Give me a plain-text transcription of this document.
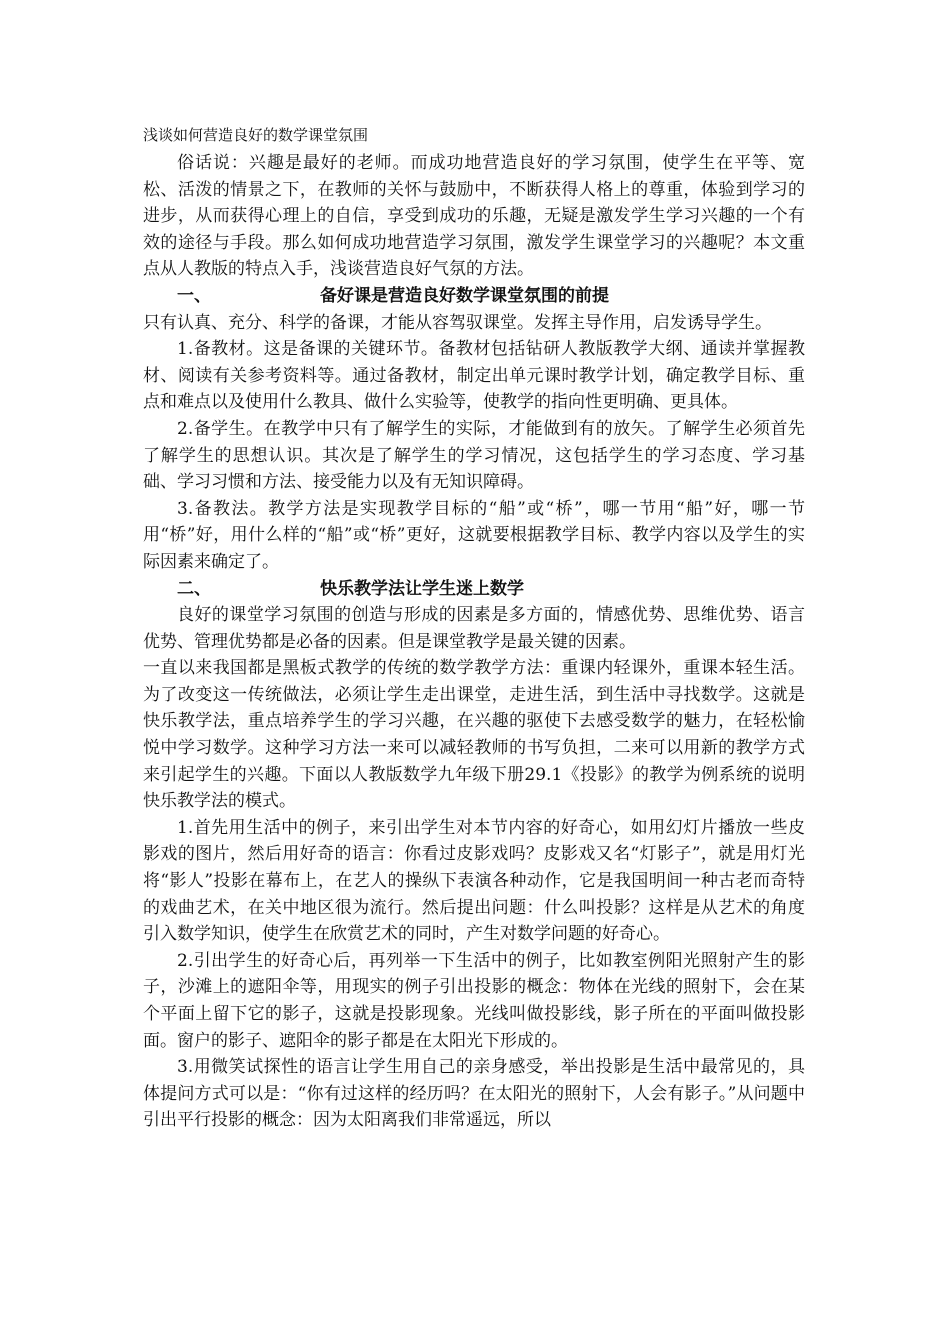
浅谈如何营造良好的数学课堂氛围

俗话说：兴趣是最好的老师。而成功地营造良好的学习氛围，使学生在平等、宽松、活泼的情景之下，在教师的关怀与鼓励中，不断获得人格上的尊重，体验到学习的进步，从而获得心理上的自信，享受到成功的乐趣，无疑是激发学生学习兴趣的一个有效的途径与手段。那么如何成功地营造学习氛围，激发学生课堂学习的兴趣呢？本文重点从人教版的特点入手，浅谈营造良好气氛的方法。

一、	备好课是营造良好数学课堂氛围的前提

只有认真、充分、科学的备课，才能从容驾驭课堂。发挥主导作用，启发诱导学生。

1.备教材。这是备课的关键环节。备教材包括钻研人教版教学大纲、通读并掌握教材、阅读有关参考资料等。通过备教材，制定出单元课时教学计划，确定教学目标、重点和难点以及使用什么教具、做什么实验等，使教学的指向性更明确、更具体。

2.备学生。在教学中只有了解学生的实际，才能做到有的放矢。了解学生必须首先了解学生的思想认识。其次是了解学生的学习情况，这包括学生的学习态度、学习基础、学习习惯和方法、接受能力以及有无知识障碍。

3.备教法。教学方法是实现教学目标的“船”或“桥”，哪一节用“船”好，哪一节用“桥”好，用什么样的“船”或“桥”更好，这就要根据教学目标、教学内容以及学生的实际因素来确定了。

二、	快乐教学法让学生迷上数学

良好的课堂学习氛围的创造与形成的因素是多方面的，情感优势、思维优势、语言优势、管理优势都是必备的因素。但是课堂教学是最关键的因素。

一直以来我国都是黑板式教学的传统的数学教学方法：重课内轻课外，重课本轻生活。为了改变这一传统做法，必须让学生走出课堂，走进生活，到生活中寻找数学。这就是快乐教学法，重点培养学生的学习兴趣，在兴趣的驱使下去感受数学的魅力，在轻松愉悦中学习数学。这种学习方法一来可以减轻教师的书写负担，二来可以用新的教学方式来引起学生的兴趣。下面以人教版数学九年级下册29.1《投影》的教学为例系统的说明快乐教学法的模式。

1.首先用生活中的例子，来引出学生对本节内容的好奇心，如用幻灯片播放一些皮影戏的图片，然后用好奇的语言：你看过皮影戏吗？皮影戏又名“灯影子”，就是用灯光将“影人”投影在幕布上，在艺人的操纵下表演各种动作，它是我国明间一种古老而奇特的戏曲艺术，在关中地区很为流行。然后提出问题：什么叫投影？这样是从艺术的角度引入数学知识，使学生在欣赏艺术的同时，产生对数学问题的好奇心。

2.引出学生的好奇心后，再列举一下生活中的例子，比如教室例阳光照射产生的影子，沙滩上的遮阳伞等，用现实的例子引出投影的概念：物体在光线的照射下，会在某个平面上留下它的影子，这就是投影现象。光线叫做投影线，影子所在的平面叫做投影面。窗户的影子、遮阳伞的影子都是在太阳光下形成的。

3.用微笑试探性的语言让学生用自己的亲身感受，举出投影是生活中最常见的，具体提问方式可以是：“你有过这样的经历吗？在太阳光的照射下，人会有影子。”从问题中引出平行投影的概念：因为太阳离我们非常遥远，所以
